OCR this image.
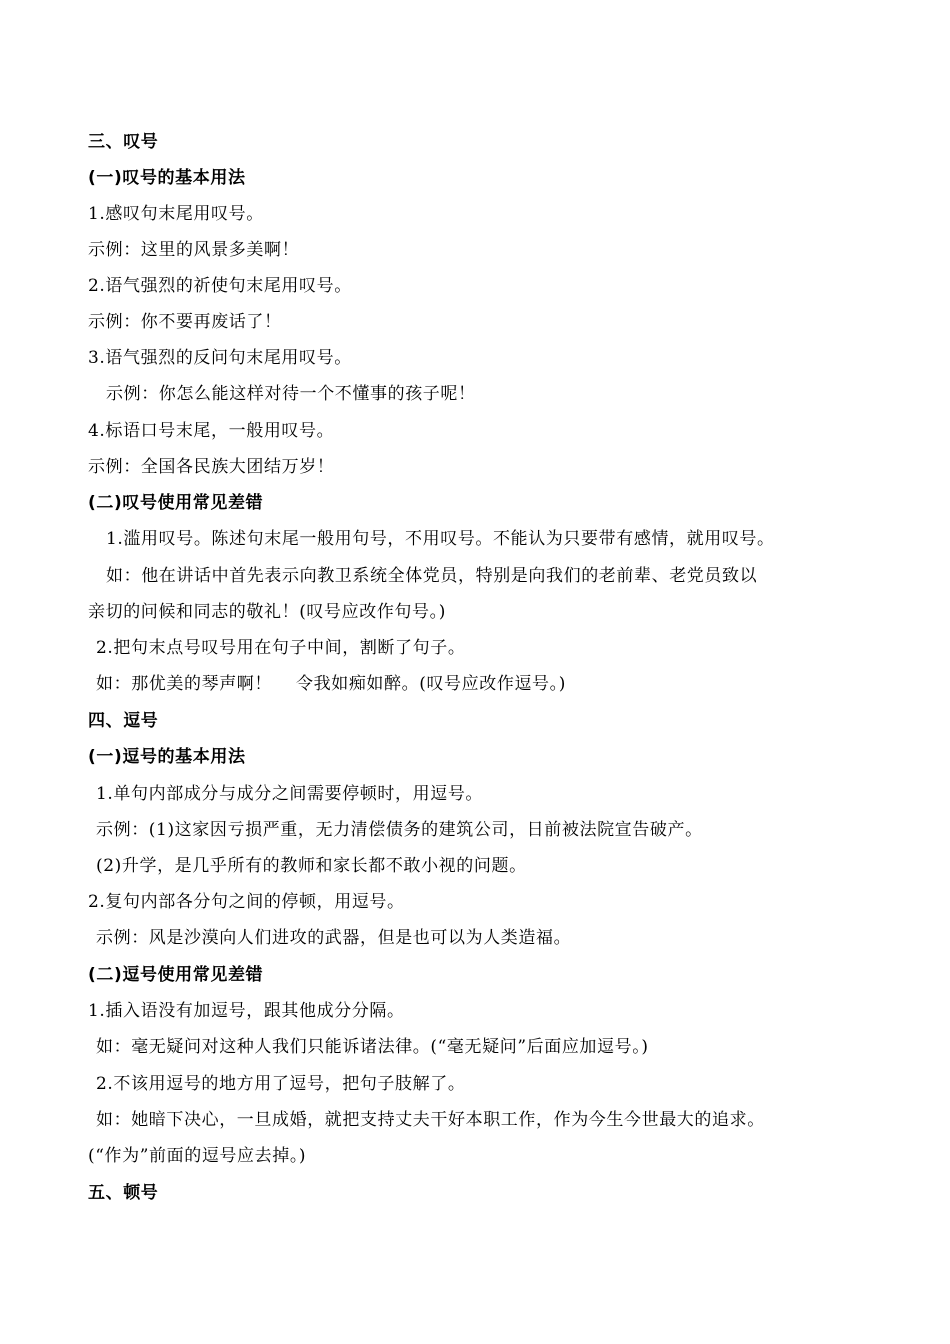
三、叹号
(一)叹号的基本用法
1.感叹句末尾用叹号。
示例：这里的风景多美啊！
2.语气强烈的祈使句末尾用叹号。
示例：你不要再废话了！
3.语气强烈的反问句末尾用叹号。
示例：你怎么能这样对待一个不懂事的孩子呢！
4.标语口号末尾，一般用叹号。
示例：全国各民族大团结万岁！
(二)叹号使用常见差错
1.滥用叹号。陈述句末尾一般用句号，不用叹号。不能认为只要带有感情，就用叹号。
如：他在讲话中首先表示向教卫系统全体党员，特别是向我们的老前辈、老党员致以
亲切的问候和同志的敬礼！(叹号应改作句号。)
2.把句末点号叹号用在句子中间，割断了句子。
如：那优美的琴声啊！    令我如痴如醉。(叹号应改作逗号。)
四、逗号
(一)逗号的基本用法
1.单句内部成分与成分之间需要停顿时，用逗号。
示例：(1)这家因亏损严重，无力清偿债务的建筑公司，日前被法院宣告破产。
(2)升学，是几乎所有的教师和家长都不敢小视的问题。
2.复句内部各分句之间的停顿，用逗号。
示例：风是沙漠向人们进攻的武器，但是也可以为人类造福。
(二)逗号使用常见差错
1.插入语没有加逗号，跟其他成分分隔。
如：毫无疑问对这种人我们只能诉诸法律。(“毫无疑问”后面应加逗号。)
2.不该用逗号的地方用了逗号，把句子肢解了。
如：她暗下决心，一旦成婚，就把支持丈夫干好本职工作，作为今生今世最大的追求。
(“作为”前面的逗号应去掉。)
五、顿号
